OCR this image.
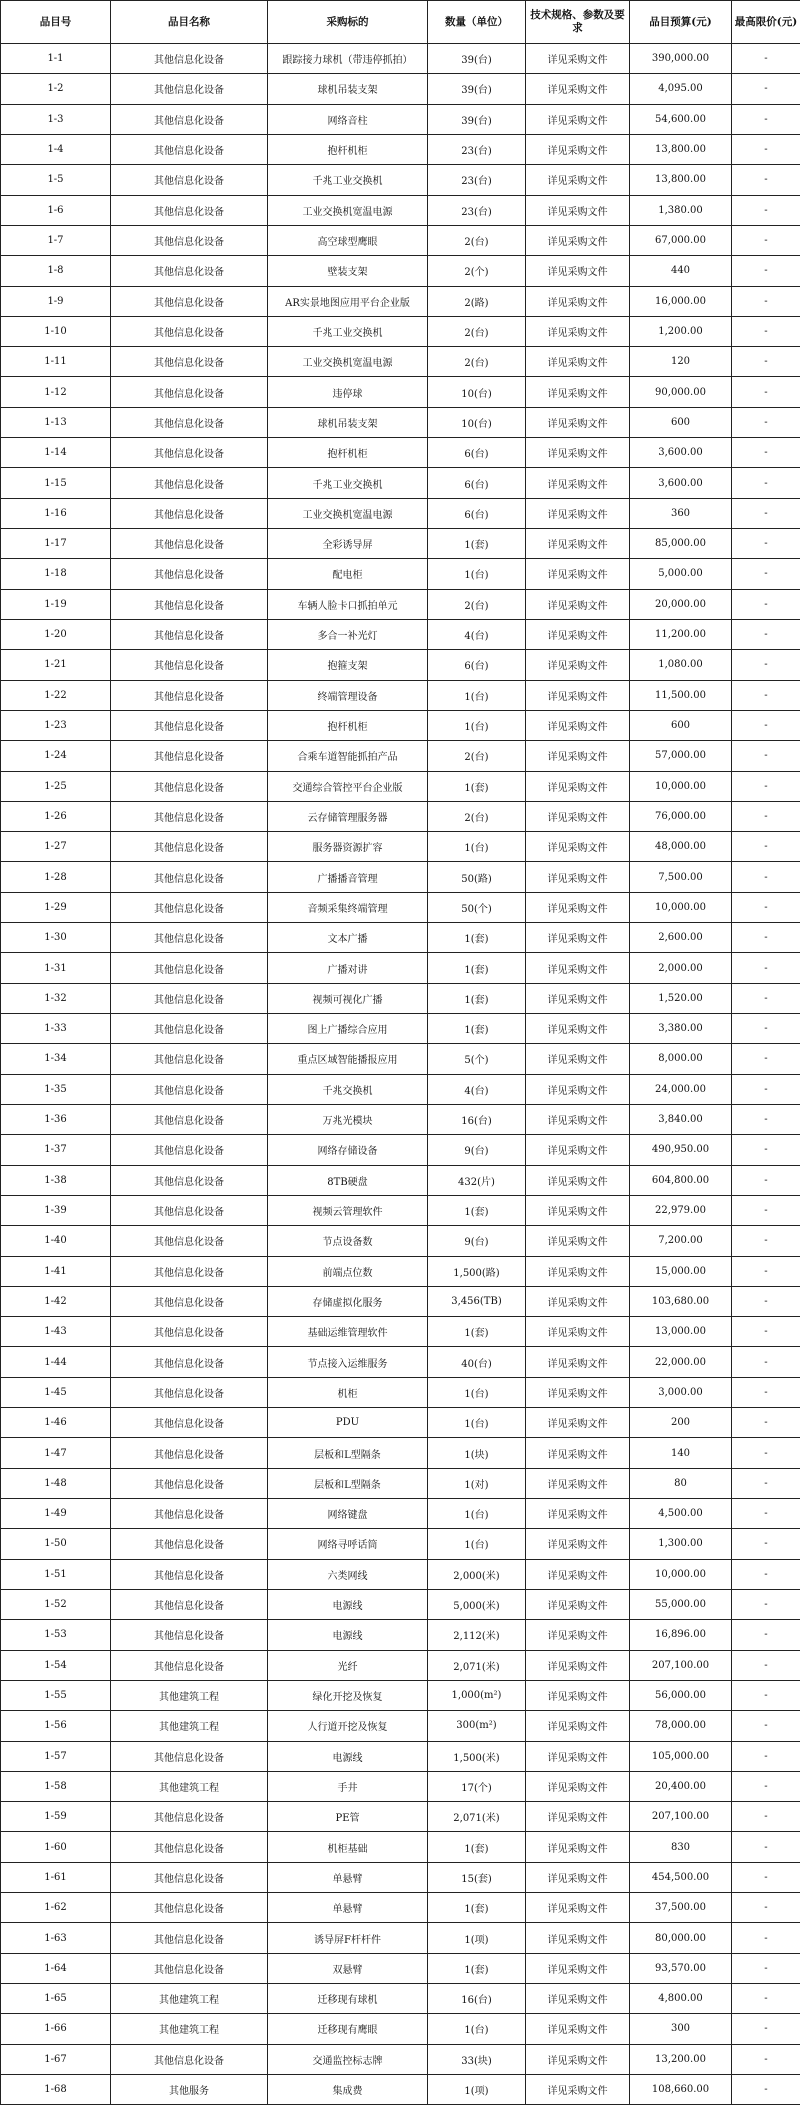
品目号	品目名称	采购标的	数量（单位）	技术规格、参数及要求	品目预算(元)	最高限价(元)
1-1	其他信息化设备	跟踪接力球机（带违停抓拍）	39(台)	详见采购文件	390,000.00	-
1-2	其他信息化设备	球机吊装支架	39(台)	详见采购文件	4,095.00	-
1-3	其他信息化设备	网络音柱	39(台)	详见采购文件	54,600.00	-
1-4	其他信息化设备	抱杆机柜	23(台)	详见采购文件	13,800.00	-
1-5	其他信息化设备	千兆工业交换机	23(台)	详见采购文件	13,800.00	-
1-6	其他信息化设备	工业交换机宽温电源	23(台)	详见采购文件	1,380.00	-
1-7	其他信息化设备	高空球型鹰眼	2(台)	详见采购文件	67,000.00	-
1-8	其他信息化设备	壁装支架	2(个)	详见采购文件	440	-
1-9	其他信息化设备	AR实景地图应用平台企业版	2(路)	详见采购文件	16,000.00	-
1-10	其他信息化设备	千兆工业交换机	2(台)	详见采购文件	1,200.00	-
1-11	其他信息化设备	工业交换机宽温电源	2(台)	详见采购文件	120	-
1-12	其他信息化设备	违停球	10(台)	详见采购文件	90,000.00	-
1-13	其他信息化设备	球机吊装支架	10(台)	详见采购文件	600	-
1-14	其他信息化设备	抱杆机柜	6(台)	详见采购文件	3,600.00	-
1-15	其他信息化设备	千兆工业交换机	6(台)	详见采购文件	3,600.00	-
1-16	其他信息化设备	工业交换机宽温电源	6(台)	详见采购文件	360	-
1-17	其他信息化设备	全彩诱导屏	1(套)	详见采购文件	85,000.00	-
1-18	其他信息化设备	配电柜	1(台)	详见采购文件	5,000.00	-
1-19	其他信息化设备	车辆人脸卡口抓拍单元	2(台)	详见采购文件	20,000.00	-
1-20	其他信息化设备	多合一补光灯	4(台)	详见采购文件	11,200.00	-
1-21	其他信息化设备	抱箍支架	6(台)	详见采购文件	1,080.00	-
1-22	其他信息化设备	终端管理设备	1(台)	详见采购文件	11,500.00	-
1-23	其他信息化设备	抱杆机柜	1(台)	详见采购文件	600	-
1-24	其他信息化设备	合乘车道智能抓拍产品	2(台)	详见采购文件	57,000.00	-
1-25	其他信息化设备	交通综合管控平台企业版	1(套)	详见采购文件	10,000.00	-
1-26	其他信息化设备	云存储管理服务器	2(台)	详见采购文件	76,000.00	-
1-27	其他信息化设备	服务器资源扩容	1(台)	详见采购文件	48,000.00	-
1-28	其他信息化设备	广播播音管理	50(路)	详见采购文件	7,500.00	-
1-29	其他信息化设备	音频采集终端管理	50(个)	详见采购文件	10,000.00	-
1-30	其他信息化设备	文本广播	1(套)	详见采购文件	2,600.00	-
1-31	其他信息化设备	广播对讲	1(套)	详见采购文件	2,000.00	-
1-32	其他信息化设备	视频可视化广播	1(套)	详见采购文件	1,520.00	-
1-33	其他信息化设备	图上广播综合应用	1(套)	详见采购文件	3,380.00	-
1-34	其他信息化设备	重点区域智能播报应用	5(个)	详见采购文件	8,000.00	-
1-35	其他信息化设备	千兆交换机	4(台)	详见采购文件	24,000.00	-
1-36	其他信息化设备	万兆光模块	16(台)	详见采购文件	3,840.00	-
1-37	其他信息化设备	网络存储设备	9(台)	详见采购文件	490,950.00	-
1-38	其他信息化设备	8TB硬盘	432(片)	详见采购文件	604,800.00	-
1-39	其他信息化设备	视频云管理软件	1(套)	详见采购文件	22,979.00	-
1-40	其他信息化设备	节点设备数	9(台)	详见采购文件	7,200.00	-
1-41	其他信息化设备	前端点位数	1,500(路)	详见采购文件	15,000.00	-
1-42	其他信息化设备	存储虚拟化服务	3,456(TB)	详见采购文件	103,680.00	-
1-43	其他信息化设备	基础运维管理软件	1(套)	详见采购文件	13,000.00	-
1-44	其他信息化设备	节点接入运维服务	40(台)	详见采购文件	22,000.00	-
1-45	其他信息化设备	机柜	1(台)	详见采购文件	3,000.00	-
1-46	其他信息化设备	PDU	1(台)	详见采购文件	200	-
1-47	其他信息化设备	层板和L型隔条	1(块)	详见采购文件	140	-
1-48	其他信息化设备	层板和L型隔条	1(对)	详见采购文件	80	-
1-49	其他信息化设备	网络键盘	1(台)	详见采购文件	4,500.00	-
1-50	其他信息化设备	网络寻呼话筒	1(台)	详见采购文件	1,300.00	-
1-51	其他信息化设备	六类网线	2,000(米)	详见采购文件	10,000.00	-
1-52	其他信息化设备	电源线	5,000(米)	详见采购文件	55,000.00	-
1-53	其他信息化设备	电源线	2,112(米)	详见采购文件	16,896.00	-
1-54	其他信息化设备	光纤	2,071(米)	详见采购文件	207,100.00	-
1-55	其他建筑工程	绿化开挖及恢复	1,000(m²)	详见采购文件	56,000.00	-
1-56	其他建筑工程	人行道开挖及恢复	300(m²)	详见采购文件	78,000.00	-
1-57	其他信息化设备	电源线	1,500(米)	详见采购文件	105,000.00	-
1-58	其他建筑工程	手井	17(个)	详见采购文件	20,400.00	-
1-59	其他信息化设备	PE管	2,071(米)	详见采购文件	207,100.00	-
1-60	其他信息化设备	机柜基础	1(套)	详见采购文件	830	-
1-61	其他信息化设备	单悬臂	15(套)	详见采购文件	454,500.00	-
1-62	其他信息化设备	单悬臂	1(套)	详见采购文件	37,500.00	-
1-63	其他信息化设备	诱导屏F杆杆件	1(项)	详见采购文件	80,000.00	-
1-64	其他信息化设备	双悬臂	1(套)	详见采购文件	93,570.00	-
1-65	其他建筑工程	迁移现有球机	16(台)	详见采购文件	4,800.00	-
1-66	其他建筑工程	迁移现有鹰眼	1(台)	详见采购文件	300	-
1-67	其他信息化设备	交通监控标志牌	33(块)	详见采购文件	13,200.00	-
1-68	其他服务	集成费	1(项)	详见采购文件	108,660.00	-
